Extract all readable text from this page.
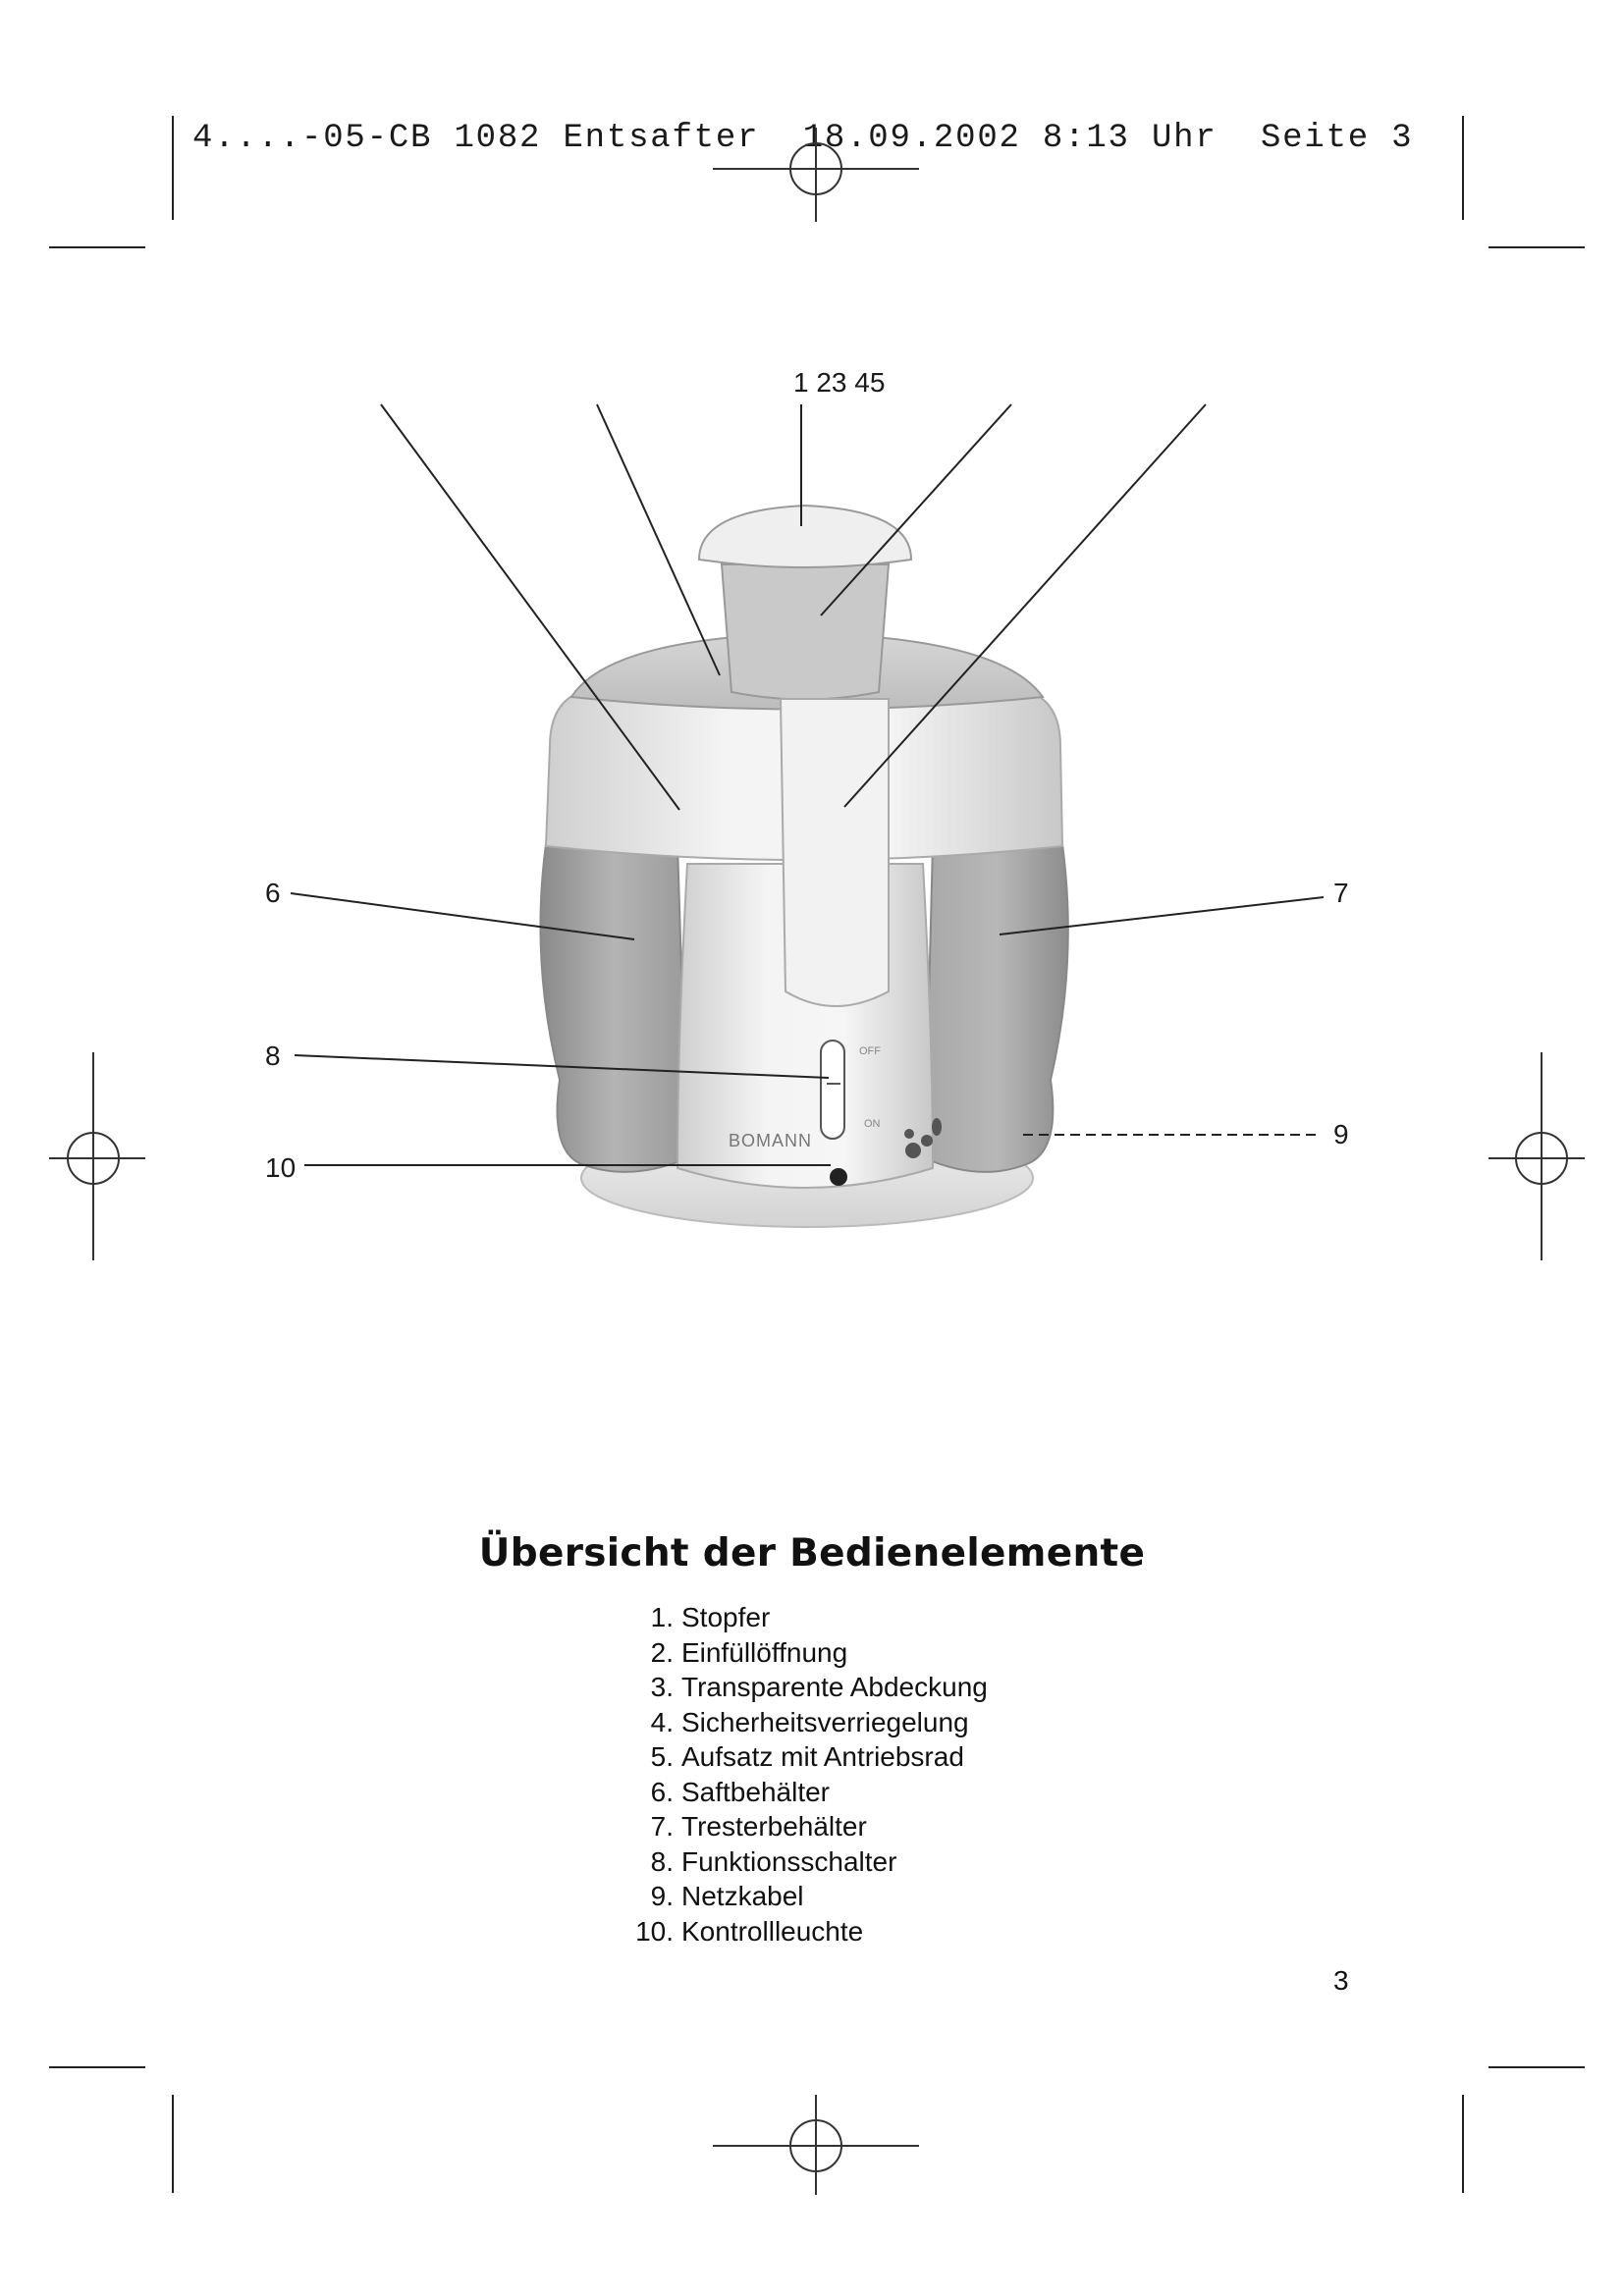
4....-05-CB 1082 Entsafter  18.09.2002 8:13 Uhr  Seite 3
OFF
ON
BOMANN
1 23 45
6	7
8
9
10
Übersicht der Bedienelemente
1. Stopfer
2. Einfüllöffnung
3. Transparente Abdeckung
4. Sicherheitsverriegelung
5. Aufsatz mit Antriebsrad
6. Saftbehälter
7. Tresterbehälter
8. Funktionsschalter
9. Netzkabel
10. Kontrollleuchte
3
